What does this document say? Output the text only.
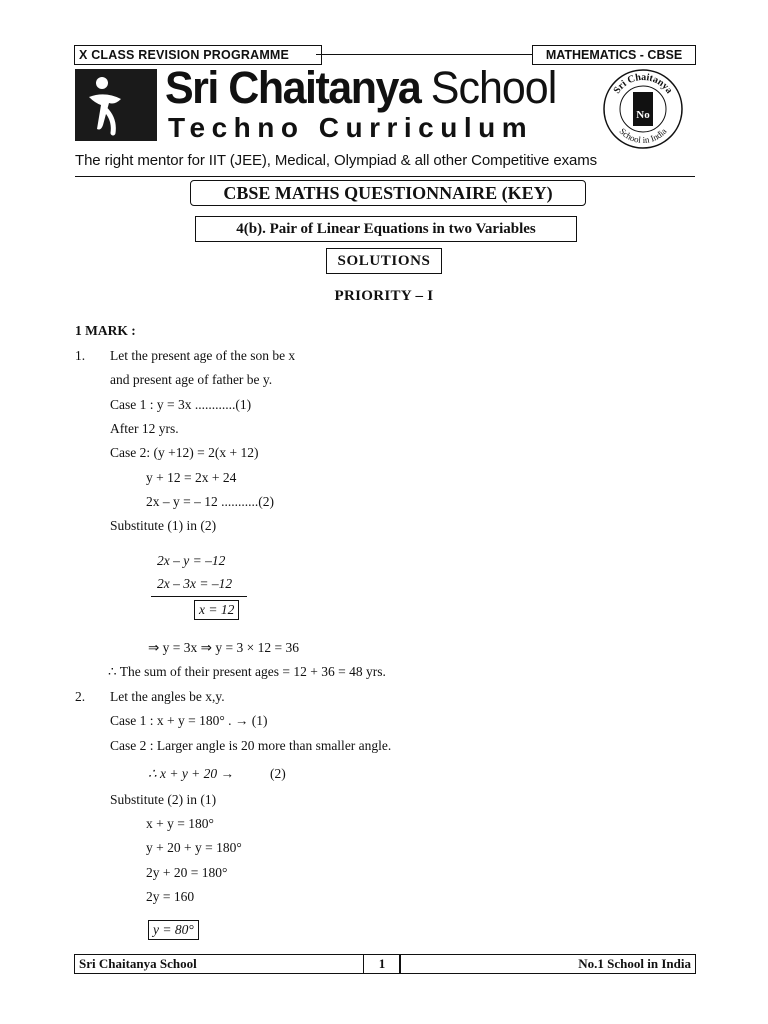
X CLASS REVISION PROGRAMME	MATHEMATICS - CBSE
Sri Chaitanya School
Techno Curriculum
Sri Chaitanya
School in India
No
The right mentor for IIT (JEE), Medical, Olympiad & all other Competitive exams
CBSE MATHS QUESTIONNAIRE (KEY)
4(b). Pair of Linear Equations in two Variables
SOLUTIONS
PRIORITY – I
1 MARK :
1. Let the present age of the son be x
and present age of father be y.
Case 1 : y = 3x ............(1)
After 12 yrs.
Case 2: (y +12) = 2(x + 12)
y + 12 = 2x + 24
2x – y = – 12 ...........(2)
Substitute (1) in (2)
2x – y = –12
2x – 3x = –12
x = 12
⇒ y = 3x ⇒ y = 3 × 12 = 36
∴ The sum of their present ages = 12 + 36 = 48 yrs.
2. Let the angles be x,y.
Case 1 : x + y = 180° . → (1)
Case 2 : Larger angle is 20 more than smaller angle.
∴ x + y + 20 →	(2)
Substitute (2) in (1)
x + y = 180°
y + 20 + y = 180°
2y + 20 = 180°
2y = 160
y = 80°
Sri Chaitanya School	1	No.1 School in India
